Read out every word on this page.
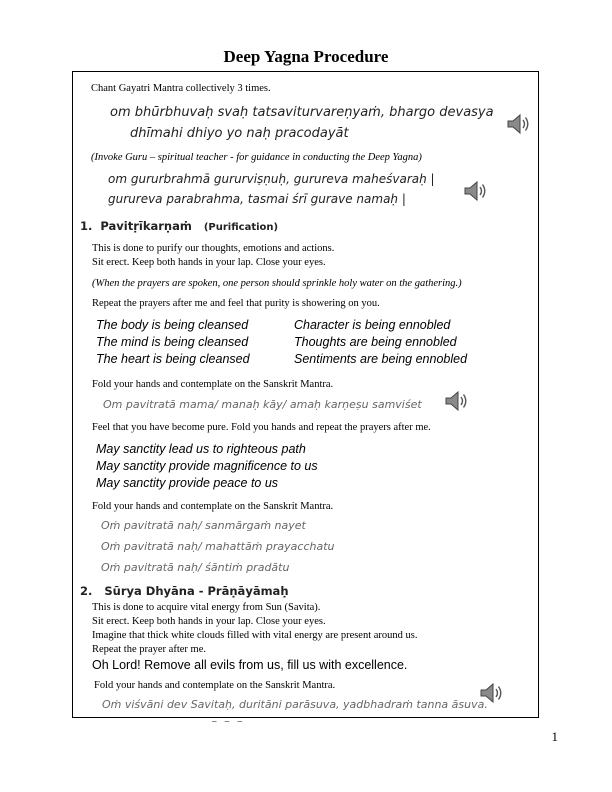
Deep Yagna Procedure
Chant Gayatri Mantra collectively 3 times.
om bhūrbhuvaḥ svaḥ tatsaviturvareṇyaṁ, bhargo devasya
dhīmahi dhiyo yo naḥ pracodayāt
(Invoke Guru – spiritual teacher - for guidance in conducting the Deep Yagna)
om gururbrahmā gururviṣṇuḥ, gurureva maheśvaraḥ |
gurureva parabrahma, tasmai śrī gurave namaḥ |
1. Pavitṛīkarṇaṁ (Purification)
This is done to purify our thoughts, emotions and actions.
Sit erect. Keep both hands in your lap. Close your eyes.
(When the prayers are spoken, one person should sprinkle holy water on the gathering.)
Repeat the prayers after me and feel that purity is showering on you.
The body is being cleansed
The mind is being cleansed
The heart is being cleansed
Character is being ennobled
Thoughts are being ennobled
Sentiments are being ennobled
Fold your hands and contemplate on the Sanskrit Mantra.
Om pavitratā mama/ manaḥ kāy/ amaḥ karṇeṣu samviśet
Feel that you have become pure. Fold you hands and repeat the prayers after me.
May sanctity lead us to righteous path
May sanctity provide magnificence to us
May sanctity provide peace to us
Fold your hands and contemplate on the Sanskrit Mantra.
Oṁ pavitratā naḥ/ sanmārgaṁ nayet
Oṁ pavitratā naḥ/ mahattāṁ prayacchatu
Oṁ pavitratā naḥ/ śāntiṁ pradātu
2. Sūrya Dhyāna - Prāṇāyāmaḥ
This is done to acquire vital energy from Sun (Savita).
Sit erect. Keep both hands in your lap. Close your eyes.
Imagine that thick white clouds filled with vital energy are present around us.
Repeat the prayer after me.
Oh Lord! Remove all evils from us, fill us with excellence.
Fold your hands and contemplate on the Sanskrit Mantra.
Oṁ viśvāni dev Savitaḥ, duritāni parāsuva, yadbhadraṁ tanna āsuva.
– – –
1
